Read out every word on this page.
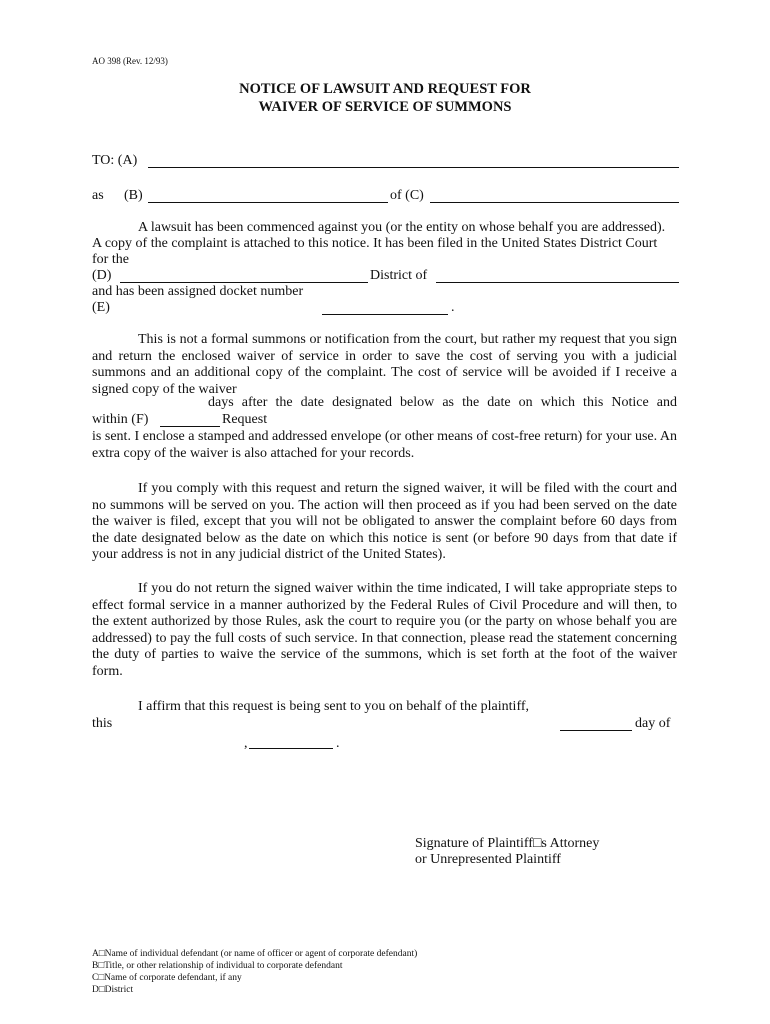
AO 398 (Rev. 12/93)
NOTICE OF LAWSUIT AND REQUEST FOR
WAIVER OF SERVICE OF SUMMONS
TO: (A)
as (B)	of (C)
A lawsuit has been commenced against you (or the entity on whose behalf you are addressed).
A copy of the complaint is attached to this notice. It has been filed in the United States District Court
for the
(D)	District of
and has been assigned docket number
(E)	.
This is not a formal summons or notification from the court, but rather my request that you sign and return the enclosed waiver of service in order to save the cost of serving you with a judicial summons and an additional copy of the complaint. The cost of service will be avoided if I receive a signed copy of the waiver
days after the date designated below as the date on which this Notice and
within (F)	Request
is sent. I enclose a stamped and addressed envelope (or other means of cost-free return) for your use. An extra copy of the waiver is also attached for your records.
If you comply with this request and return the signed waiver, it will be filed with the court and no summons will be served on you. The action will then proceed as if you had been served on the date the waiver is filed, except that you will not be obligated to answer the complaint before 60 days from the date designated below as the date on which this notice is sent (or before 90 days from that date if your address is not in any judicial district of the United States).
If you do not return the signed waiver within the time indicated, I will take appropriate steps to effect formal service in a manner authorized by the Federal Rules of Civil Procedure and will then, to the extent authorized by those Rules, ask the court to require you (or the party on whose behalf you are addressed) to pay the full costs of such service. In that connection, please read the statement concerning the duty of parties to waive the service of the summons, which is set forth at the foot of the waiver form.
I affirm that this request is being sent to you on behalf of the plaintiff,
this	day of
,	.
Signature of Plaintiff□s Attorney
or Unrepresented Plaintiff
A□Name of individual defendant (or name of officer or agent of corporate defendant)
B□Title, or other relationship of individual to corporate defendant
C□Name of corporate defendant, if any
D□District
